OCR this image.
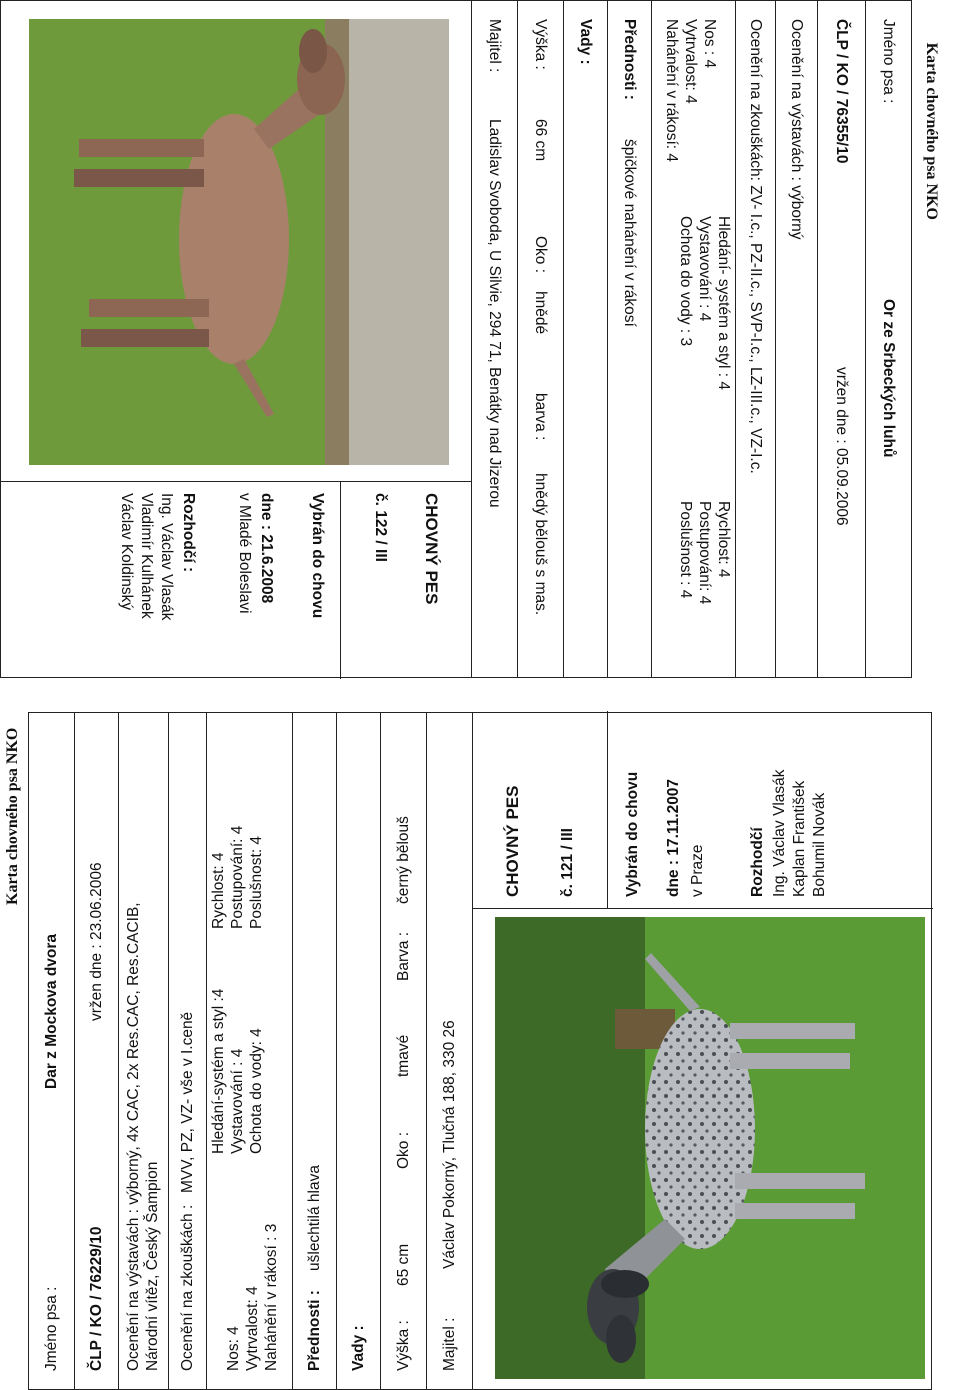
Karta chovného psa NKO
Jméno psa :
Dar z Mockova dvora
ČLP / KO / 76229/10
vržen dne : 23.06.2006 Ocenění na výstavách : výborný, 4x CAC, 2x Res.CAC, Res.CACIB, Národní vítěz, Český Šampion Ocenění na zkouškách :
MVV, PZ, VZ- vše v I.ceně
Nos: 4 Vytrvalost: 4 Nahánění v rákosí : 3
Hledání-systém a styl :4 Vystavování : 4 Ochota do vody: 4
Rychlost: 4 Postupování: 4 Poslušnost: 4
Přednosti :
ušlechtilá hlava
Vady : Výška :
65 cm
Oko :
tmavé
Barva :
černý bělouš
Majitel :
Václav Pokorný, Tlučná 188, 330 26
CHOVNÝ PES č. 121 / III	Vybrán do chovu dne : 17.11.2007 v Praze	Rozhodčí Ing. Václav Vlasák Kaplan František Bohumil Novák
Karta chovného psa NKO
Jméno psa :
Or ze Srbeckých luhů
ČLP / KO / 76355/10
vržen dne : 05.09.2006
Ocenění na výstavách : výborný
Ocenění na zkouškách: ZV- I.c., PZ-II.c., SVP-I.c., LZ-III.c., VZ-I.c.
Nos : 4
Vytrvalost: 4
Nahánění v rákosí: 4
Hledání- systém a styl : 4
Vystavování : 4
Ochota do vody : 3
Rychlost: 4
Postupování: 4
Poslušnost : 4
Přednosti :
špičkové nahánění v rákosí
Vady :
Výška :
66 cm
Oko :
hnědé
barva :
hnědý bělouš s mas.
Majitel :
Ladislav Svoboda, U Silvie, 294 71, Benátky nad Jizerou
CHOVNÝ PES
č. 122 / III
Vybrán do chovu
dne : 21.6.2008
v Mladé Boleslavi
Rozhodčí :
Ing. Václav Vlasák
Vladimír Kulhánek
Václav Koldinský
